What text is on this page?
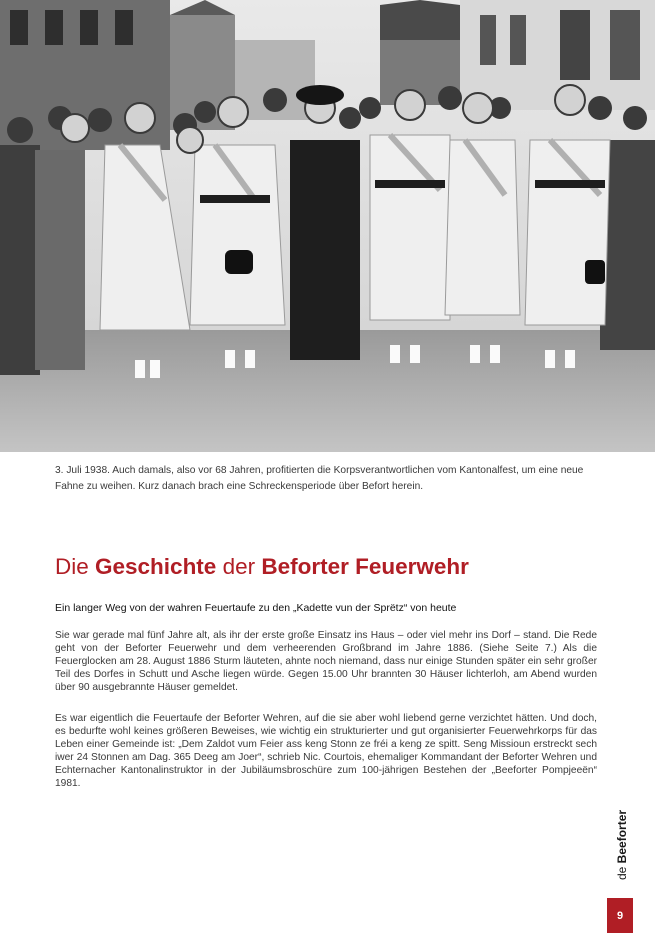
3. Juli 1938. Auch damals, also vor 68 Jahren, profitierten die Korpsverantwortlichen vom Kantonalfest, um eine neue Fahne zu weihen. Kurz danach brach eine Schreckensperiode über Befort herein.
Die Geschichte der Beforter Feuerwehr
Ein langer Weg von der wahren Feuertaufe zu den „Kadette vun der Sprëtz“ von heute
Sie war gerade mal fünf Jahre alt, als ihr der erste große Einsatz ins Haus – oder viel mehr ins Dorf – stand. Die Rede geht von der Beforter Feuerwehr und dem verheerenden Großbrand im Jahre 1886. (Siehe Seite 7.) Als die Feuerglocken am 28. August 1886 Sturm läuteten, ahnte noch niemand, dass nur einige Stunden später ein sehr großer Teil des Dorfes in Schutt und Asche liegen würde. Gegen 15.00 Uhr brannten 30 Häuser lichterloh, am Abend wurden über 90 ausgebrannte Häuser gemeldet.
Es war eigentlich die Feuertaufe der Beforter Wehren, auf die sie aber wohl liebend gerne verzichtet hätten. Und doch, es bedurfte wohl keines größeren Beweises, wie wichtig ein strukturierter und gut organisierter Feuerwehrkorps für das Leben einer Gemeinde ist: „Dem Zaldot vum Feier ass keng Stonn ze fréi a keng ze spitt. Seng Missioun erstreckt sech iwer 24 Stonnen am Dag. 365 Deeg am Joer“, schrieb Nic. Courtois, ehemaliger Kommandant der Beforter Wehren und Echternacher Kantonalinstruktor in der Jubiläumsbroschüre zum 100-jährigen Bestehen der „Beeforter Pompjeeën“ 1981.
de Beeforter
9
